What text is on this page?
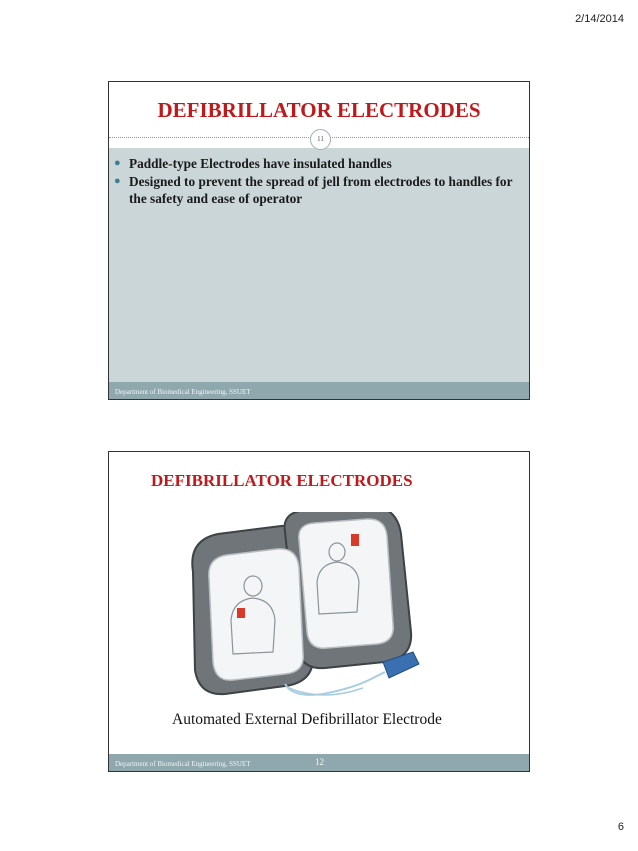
2/14/2014
DEFIBRILLATOR ELECTRODES
11
● Paddle-type Electrodes have insulated handles
● Designed to prevent the spread of jell from electrodes to handles for the safety and ease of operator
Department of Biomedical Engineering, SSUET
DEFIBRILLATOR ELECTRODES
Automated External Defibrillator Electrode
Department of Biomedical Engineering, SSUET	12
6
